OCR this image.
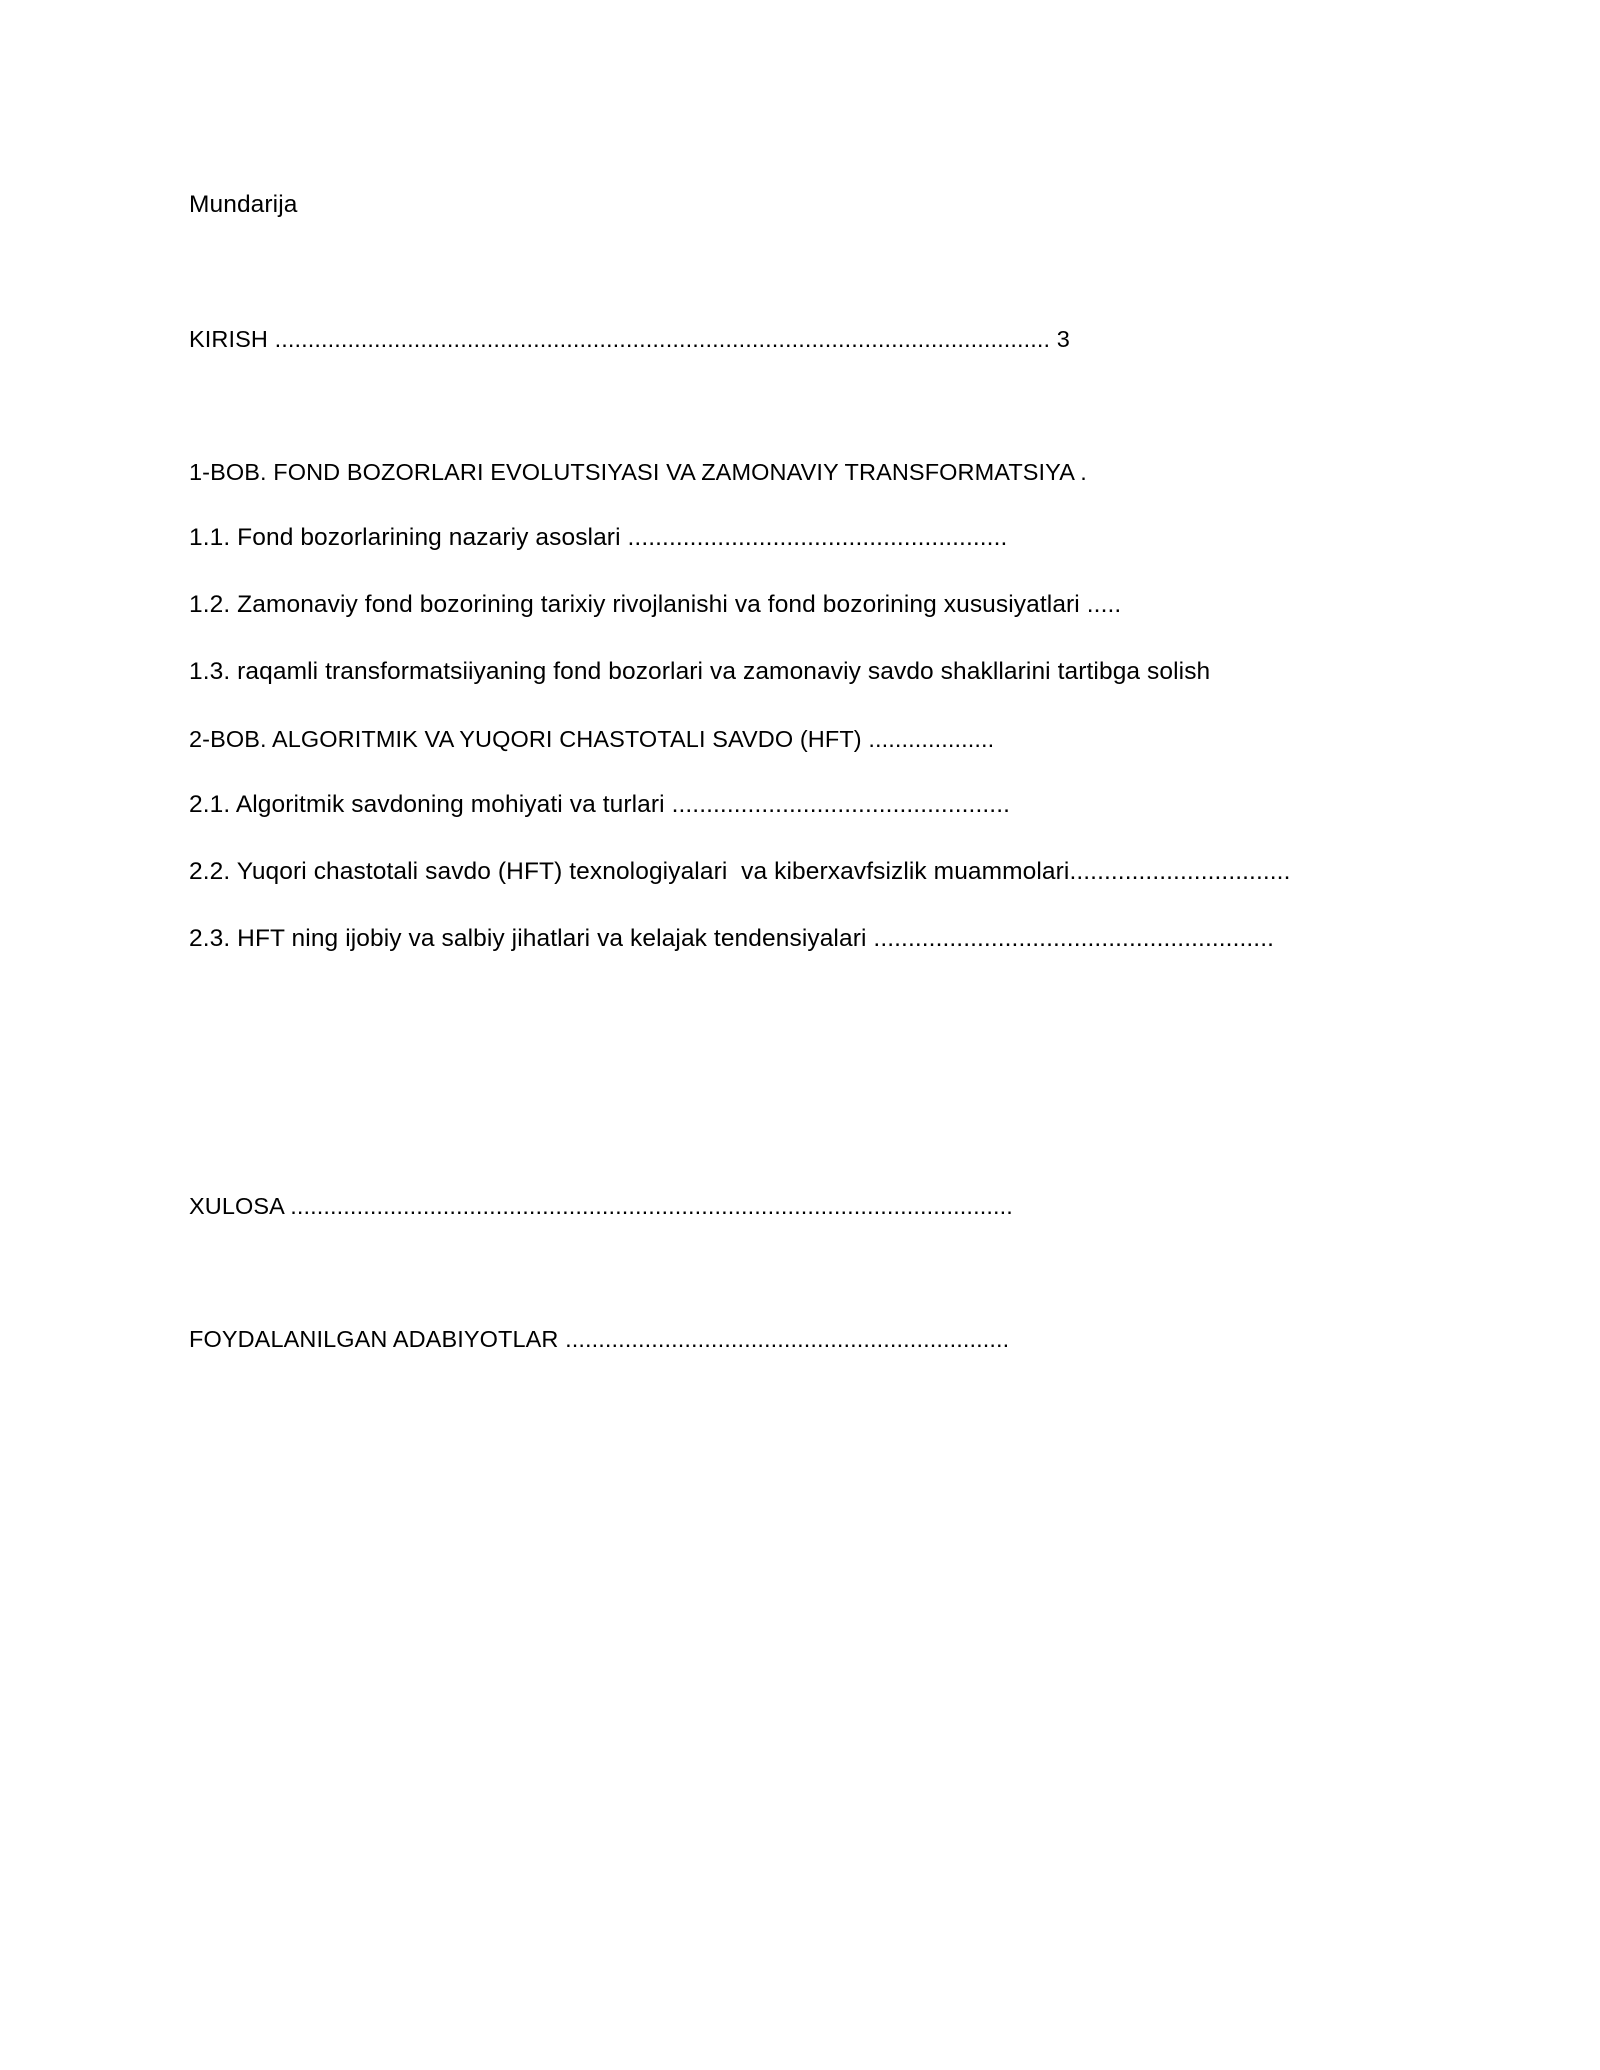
Mundarija
KIRISH ..................................................................................................................... 3
1-BOB. FOND BOZORLARI EVOLUTSIYASI VA ZAMONAVIY TRANSFORMATSIYA .
1.1. Fond bozorlarining nazariy asoslari .......................................................
1.2. Zamonaviy fond bozorining tarixiy rivojlanishi va fond bozorining xususiyatlari .....
1.3. raqamli transformatsiiyaning fond bozorlari va zamonaviy savdo shakllarini tartibga solish
2-BOB. ALGORITMIK VA YUQORI CHASTOTALI SAVDO (HFT) ...................
2.1. Algoritmik savdoning mohiyati va turlari .................................................
2.2. Yuqori chastotali savdo (HFT) texnologiyalari  va kiberxavfsizlik muammolari................................
2.3. HFT ning ijobiy va salbiy jihatlari va kelajak tendensiyalari ..........................................................
XULOSA .............................................................................................................
FOYDALANILGAN ADABIYOTLAR ...................................................................
